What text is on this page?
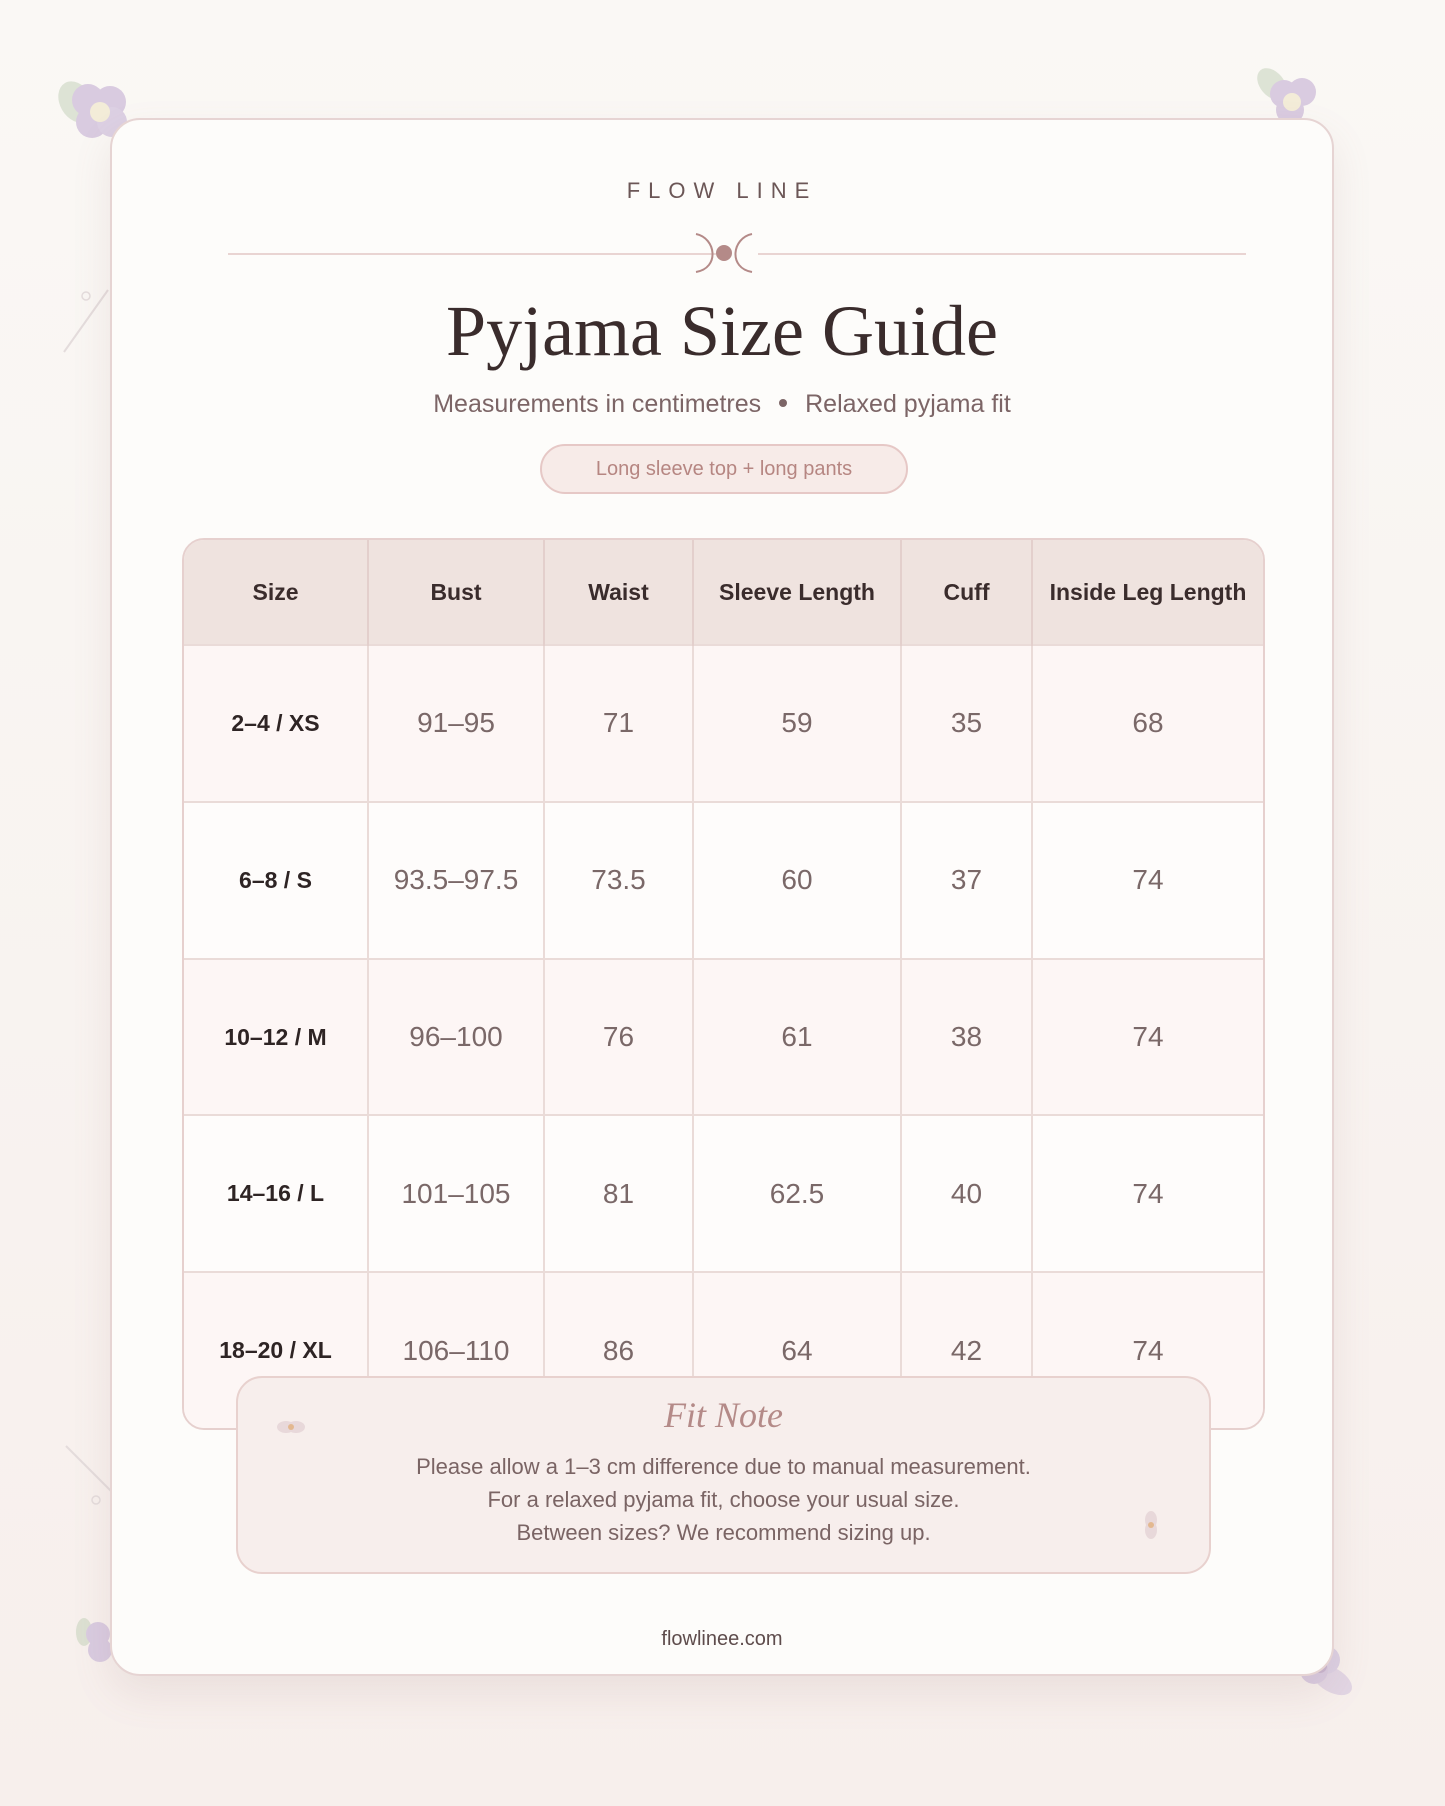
FLOW LINE
Pyjama Size Guide
Measurements in centimetres Relaxed pyjama fit
Long sleeve top + long pants
Size	Bust	Waist	Sleeve Length	Cuff	Inside Leg Length
2–4 / XS	91–95	71	59	35	68
6–8 / S	93.5–97.5	73.5	60	37	74
10–12 / M	96–100	76	61	38	74
14–16 / L	101–105	81	62.5	40	74
18–20 / XL	106–110	86	64	42	74
Fit Note
Please allow a 1–3 cm difference due to manual measurement.
For a relaxed pyjama fit, choose your usual size.
Between sizes? We recommend sizing up.
flowlinee.com
